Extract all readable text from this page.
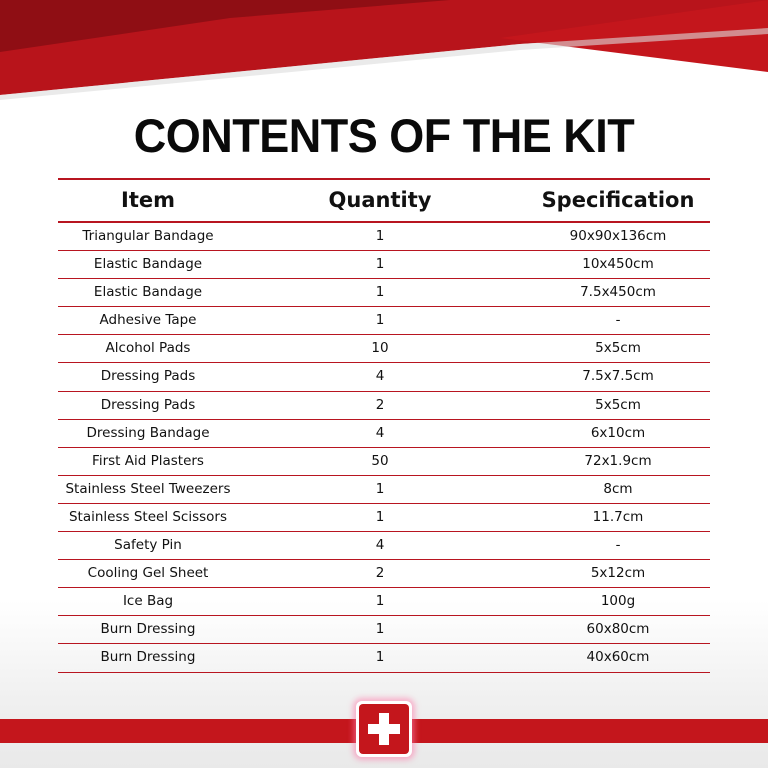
CONTENTS OF THE KIT
Item	Quantity	Specification
Triangular Bandage	1	90x90x136cm
Elastic Bandage	1	10x450cm
Elastic Bandage	1	7.5x450cm
Adhesive Tape	1	-
Alcohol Pads	10	5x5cm
Dressing Pads	4	7.5x7.5cm
Dressing Pads	2	5x5cm
Dressing Bandage	4	6x10cm
First Aid Plasters	50	72x1.9cm
Stainless Steel Tweezers	1	8cm
Stainless Steel Scissors	1	11.7cm
Safety Pin	4	-
Cooling Gel Sheet	2	5x12cm
Ice Bag	1	100g
Burn Dressing	1	60x80cm
Burn Dressing	1	40x60cm
